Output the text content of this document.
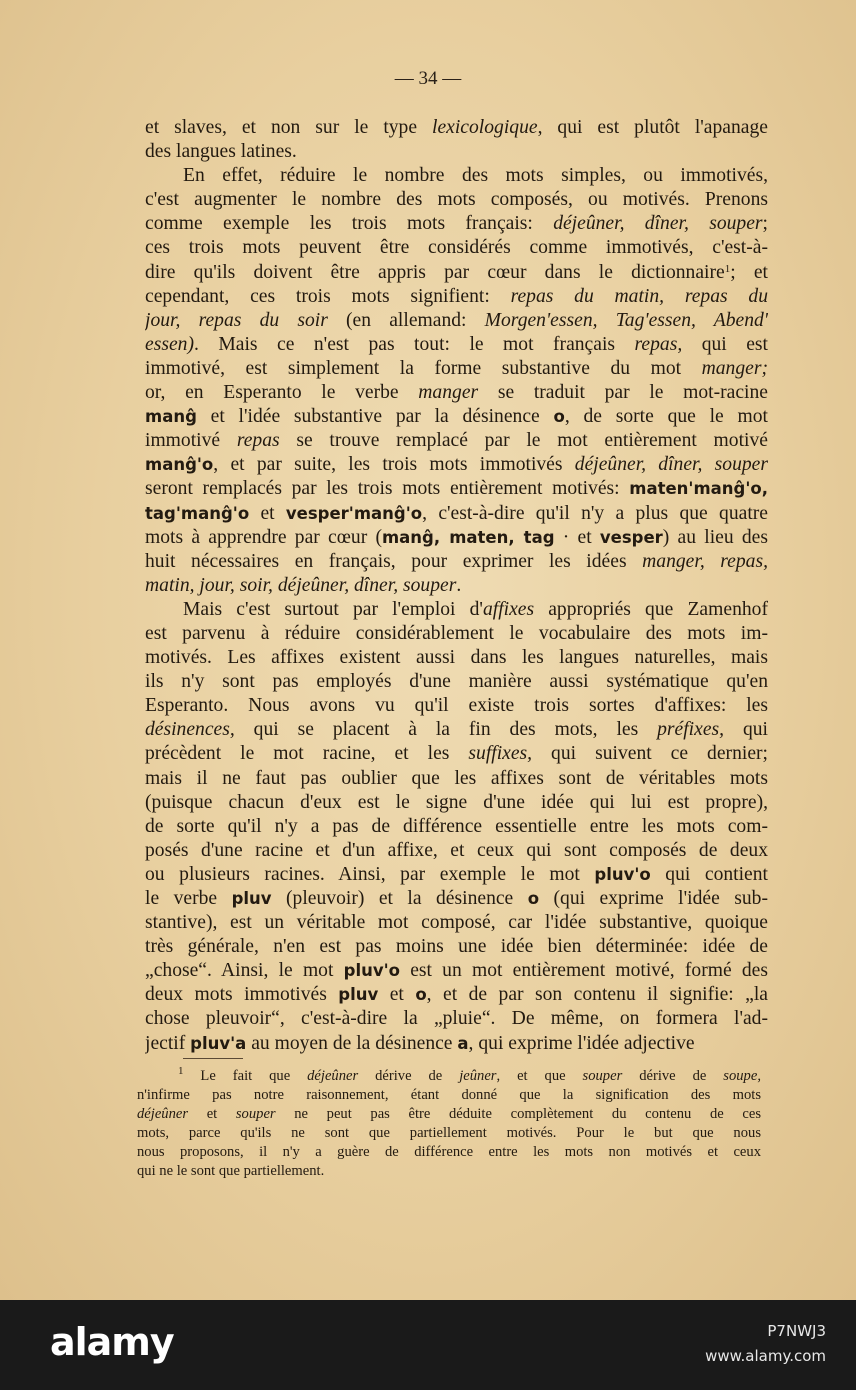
— 34 —
et slaves, et non sur le type lexicologique, qui est plutôt l'apanage
des langues latines.
En effet, réduire le nombre des mots simples, ou immotivés,
c'est augmenter le nombre des mots composés, ou motivés. Prenons
comme exemple les trois mots français: déjeûner, dîner, souper;
ces trois mots peuvent être considérés comme immotivés, c'est-à-
dire qu'ils doivent être appris par cœur dans le dictionnaire$^1$; et
cependant, ces trois mots signifient: repas du matin, repas du
jour, repas du soir (en allemand: Morgen'essen, Tag'essen, Abend'
essen). Mais ce n'est pas tout: le mot français repas, qui est
immotivé, est simplement la forme substantive du mot manger;
or, en Esperanto le verbe manger se traduit par le mot-racine
manĝ et l'idée substantive par la désinence o, de sorte que le mot
immotivé repas se trouve remplacé par le mot entièrement motivé
manĝ'o, et par suite, les trois mots immotivés déjeûner, dîner, souper
seront remplacés par les trois mots entièrement motivés: maten'manĝ'o,
tag'manĝ'o et vesper'manĝ'o, c'est-à-dire qu'il n'y a plus que quatre
mots à apprendre par cœur (manĝ, maten, tag · et vesper) au lieu des
huit nécessaires en français, pour exprimer les idées manger, repas,
matin, jour, soir, déjeûner, dîner, souper.
Mais c'est surtout par l'emploi d'affixes appropriés que Zamenhof
est parvenu à réduire considérablement le vocabulaire des mots im-
motivés. Les affixes existent aussi dans les langues naturelles, mais
ils n'y sont pas employés d'une manière aussi systématique qu'en
Esperanto. Nous avons vu qu'il existe trois sortes d'affixes: les
désinences, qui se placent à la fin des mots, les préfixes, qui
précèdent le mot racine, et les suffixes, qui suivent ce dernier;
mais il ne faut pas oublier que les affixes sont de véritables mots
(puisque chacun d'eux est le signe d'une idée qui lui est propre),
de sorte qu'il n'y a pas de différence essentielle entre les mots com-
posés d'une racine et d'un affixe, et ceux qui sont composés de deux
ou plusieurs racines. Ainsi, par exemple le mot pluv'o qui contient
le verbe pluv (pleuvoir) et la désinence o (qui exprime l'idée sub-
stantive), est un véritable mot composé, car l'idée substantive, quoique
très générale, n'en est pas moins une idée bien déterminée: idée de
„chose“. Ainsi, le mot pluv'o est un mot entièrement motivé, formé des
deux mots immotivés pluv et o, et de par son contenu il signifie: „la
chose pleuvoir“, c'est-à-dire la „pluie“. De même, on formera l'ad-
jectif pluv'a au moyen de la désinence a, qui exprime l'idée adjective
$^1$ Le fait que déjeûner dérive de jeûner, et que souper dérive de soupe,
n'infirme pas notre raisonnement, étant donné que la signification des mots
déjeûner et souper ne peut pas être déduite complètement du contenu de ces
mots, parce qu'ils ne sont que partiellement motivés. Pour le but que nous
nous proposons, il n'y a guère de différence entre les mots non motivés et ceux
qui ne le sont que partiellement.
alamy	P7NWJ3
www.alamy.com
